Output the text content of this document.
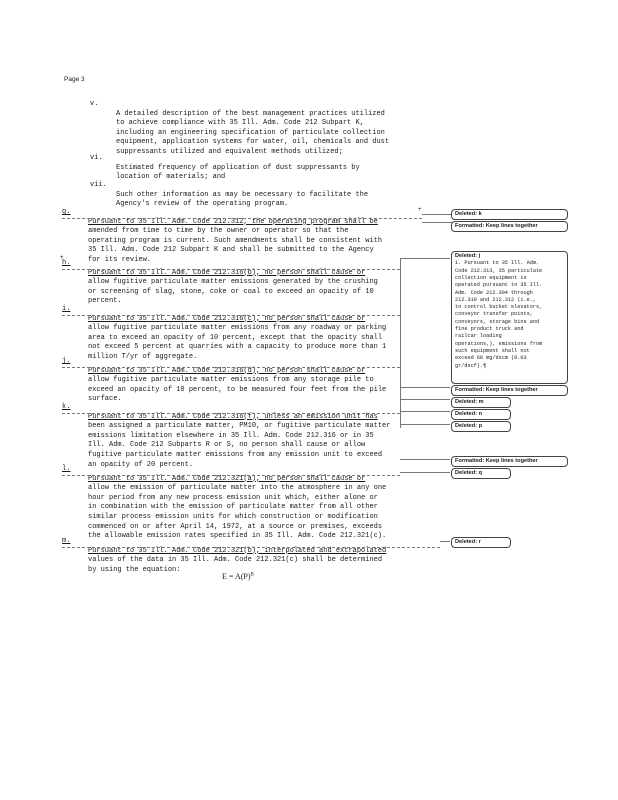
Page 3
v.

A detailed description of the best management practices utilized
to achieve compliance with 35 Ill. Adm. Code 212 Subpart K,
including an engineering specification of particulate collection
equipment, application systems for water, oil, chemicals and dust
suppressants utilized and equivalent methods utilized;

vi.

Estimated frequency of application of dust suppressants by
location of materials; and

vii.

Such other information as may be necessary to facilitate the
Agency's review of the operating program.

g.

Pursuant to 35 Ill. Adm. Code 212.312, the operating program shall be
amended from time to time by the owner or operator so that the
operating program is current. Such amendments shall be consistent with
35 Ill. Adm. Code 212 Subpart K and shall be submitted to the Agency
for its review.

h.

Pursuant to 35 Ill. Adm. Code 212.316(b), no person shall cause or
allow fugitive particulate matter emissions generated by the crushing
or screening of slag, stone, coke or coal to exceed an opacity of 10
percent.

i.

Pursuant to 35 Ill. Adm. Code 212.316(c), no person shall cause or
allow fugitive particulate matter emissions from any roadway or parking
area to exceed an opacity of 10 percent, except that the opacity shall
not exceed 5 percent at quarries with a capacity to produce more than 1
million T/yr of aggregate.

j.

Pursuant to 35 Ill. Adm. Code 212.316(d), no person shall cause or
allow fugitive particulate matter emissions from any storage pile to
exceed an opacity of 10 percent, to be measured four feet from the pile
surface.

k.

Pursuant to 35 Ill. Adm. Code 212.316(f), unless an emission unit has
been assigned a particulate matter, PM10, or fugitive particulate matter
emissions limitation elsewhere in 35 Ill. Adm. Code 212.316 or in 35
Ill. Adm. Code 212 Subparts R or S, no person shall cause or allow
fugitive particulate matter emissions from any emission unit to exceed
an opacity of 20 percent.

l.

Pursuant to 35 Ill. Adm. Code 212.321(a), no person shall cause or
allow the emission of particulate matter into the atmosphere in any one
hour period from any new process emission unit which, either alone or
in combination with the emission of particulate matter from all other
similar process emission units for which construction or modification
commenced on or after April 14, 1972, at a source or premises, exceeds
the allowable emission rates specified in 35 Ill. Adm. Code 212.321(c).

m.

Pursuant to 35 Ill. Adm. Code 212.321(b), interpolated and extrapolated
values of the data in 35 Ill. Adm. Code 212.321(c) shall be determined
by using the equation:

$E = A(P)^B$
+
+
Deleted: k
Formatted: Keep lines together
Deleted: j
i. Pursuant to 35 Ill. Adm.
Code 212.313, 35 particulate
collection equipment is
operated pursuant to 35 Ill.
Adm. Code 212.304 through
212.310 and 212.312 (i.e.,
to control bucket elevators,
conveyor transfer points,
conveyors, storage bins and
fine product truck and
railcar loading
operations,), emissions from
such equipment shall not
exceed 68 mg/dscm (0.03
gr/dscf).¶
Formatted: Keep lines together
Deleted: m
Deleted: n
Deleted: p
Formatted: Keep lines together
Deleted: q
Deleted: r
